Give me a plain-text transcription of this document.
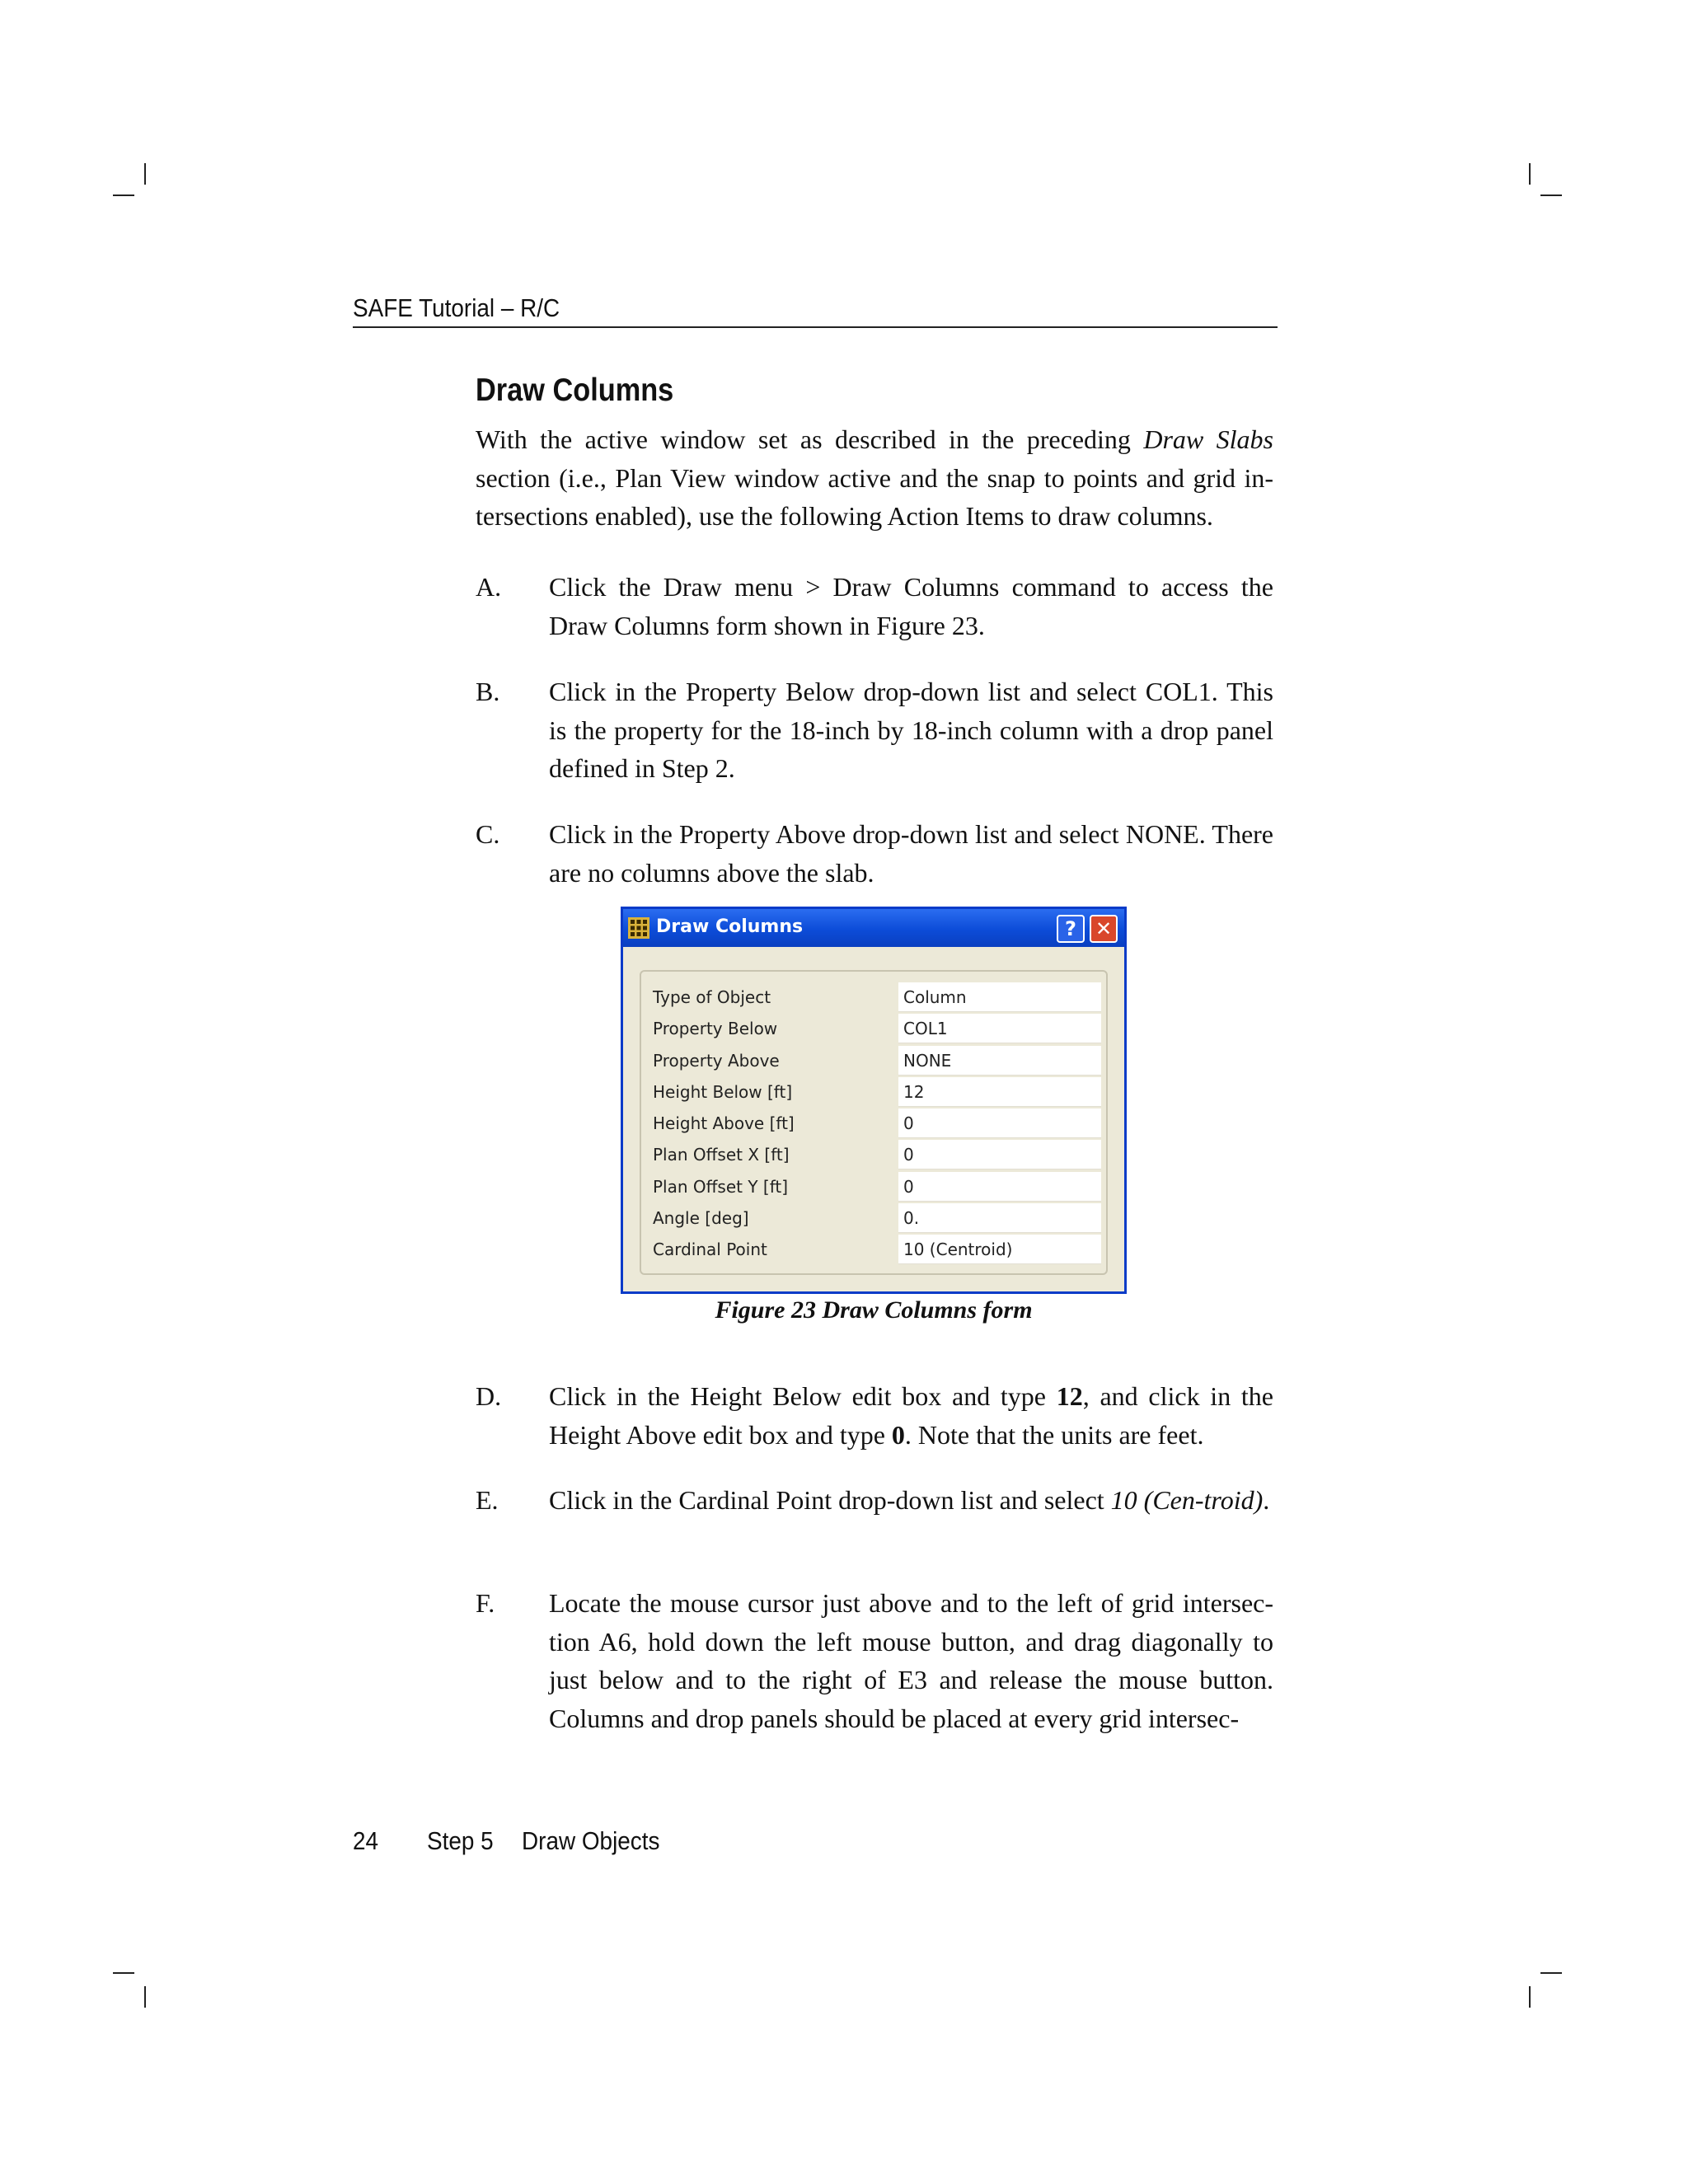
SAFE Tutorial – R/C
Draw Columns
With the active window set as described in the preceding Draw Slabs section (i.e., Plan View window active and the snap to points and grid in-tersections enabled), use the following Action Items to draw columns.
A. Click the Draw menu > Draw Columns command to access the Draw Columns form shown in Figure 23.
B. Click in the Property Below drop-down list and select COL1. This is the property for the 18-inch by 18-inch column with a drop panel defined in Step 2.
C. Click in the Property Above drop-down list and select NONE. There are no columns above the slab.
Draw Columns	? ✕
Type of Object	Column
Property Below	COL1
Property Above	NONE
Height Below [ft]	12
Height Above [ft]	0
Plan Offset X [ft]	0
Plan Offset Y [ft]	0
Angle [deg]	0.
Cardinal Point	10 (Centroid)
Figure 23 Draw Columns form
D. Click in the Height Below edit box and type 12, and click in the Height Above edit box and type 0. Note that the units are feet.
E. Click in the Cardinal Point drop-down list and select 10 (Cen-troid).
F. Locate the mouse cursor just above and to the left of grid intersec-tion A6, hold down the left mouse button, and drag diagonally to just below and to the right of E3 and release the mouse button. Columns and drop panels should be placed at every grid intersec-
24 Step 5 Draw Objects
